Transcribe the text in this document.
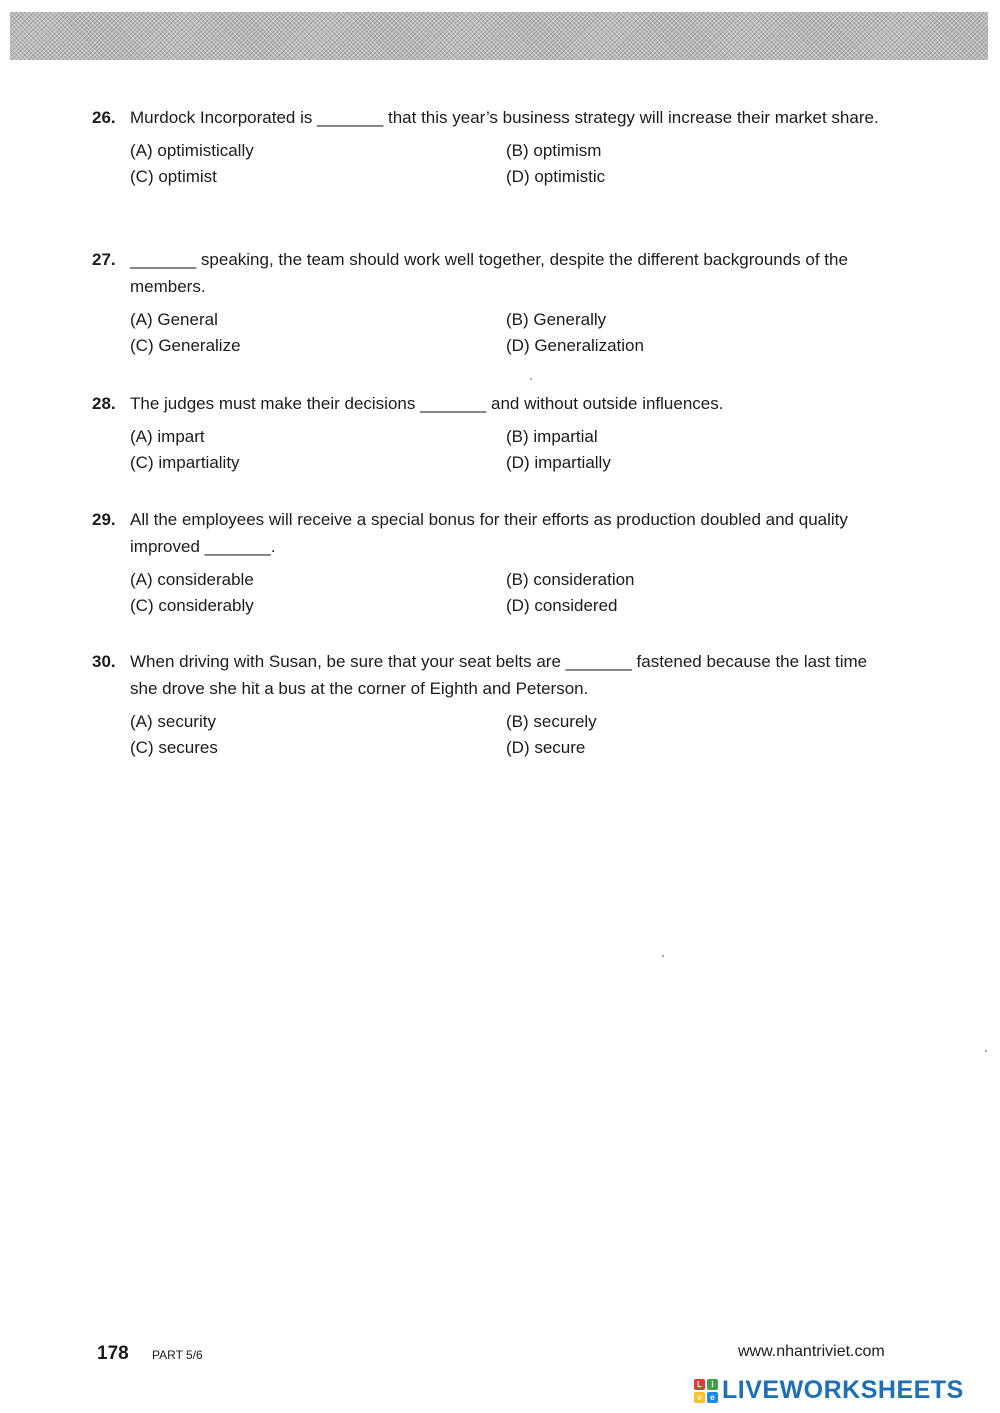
26. Murdock Incorporated is _______ that this year’s business strategy will increase their market share.
(A) optimistically	(B) optimism
(C) optimist	(D) optimistic
27. _______ speaking, the team should work well together, despite the different backgrounds of the members.
(A) General	(B) Generally
(C) Generalize	(D) Generalization
28. The judges must make their decisions _______ and without outside influences.
(A) impart	(B) impartial
(C) impartiality	(D) impartially
29. All the employees will receive a special bonus for their efforts as production doubled and quality improved _______.
(A) considerable	(B) consideration
(C) considerably	(D) considered
30. When driving with Susan, be sure that your seat belts are _______ fastened because the last time she drove she hit a bus at the corner of Eighth and Peterson.
(A) security	(B) securely
(C) secures	(D) secure
178 PART 5/6	www.nhantriviet.com
L	i
v	e LIVEWORKSHEETS
